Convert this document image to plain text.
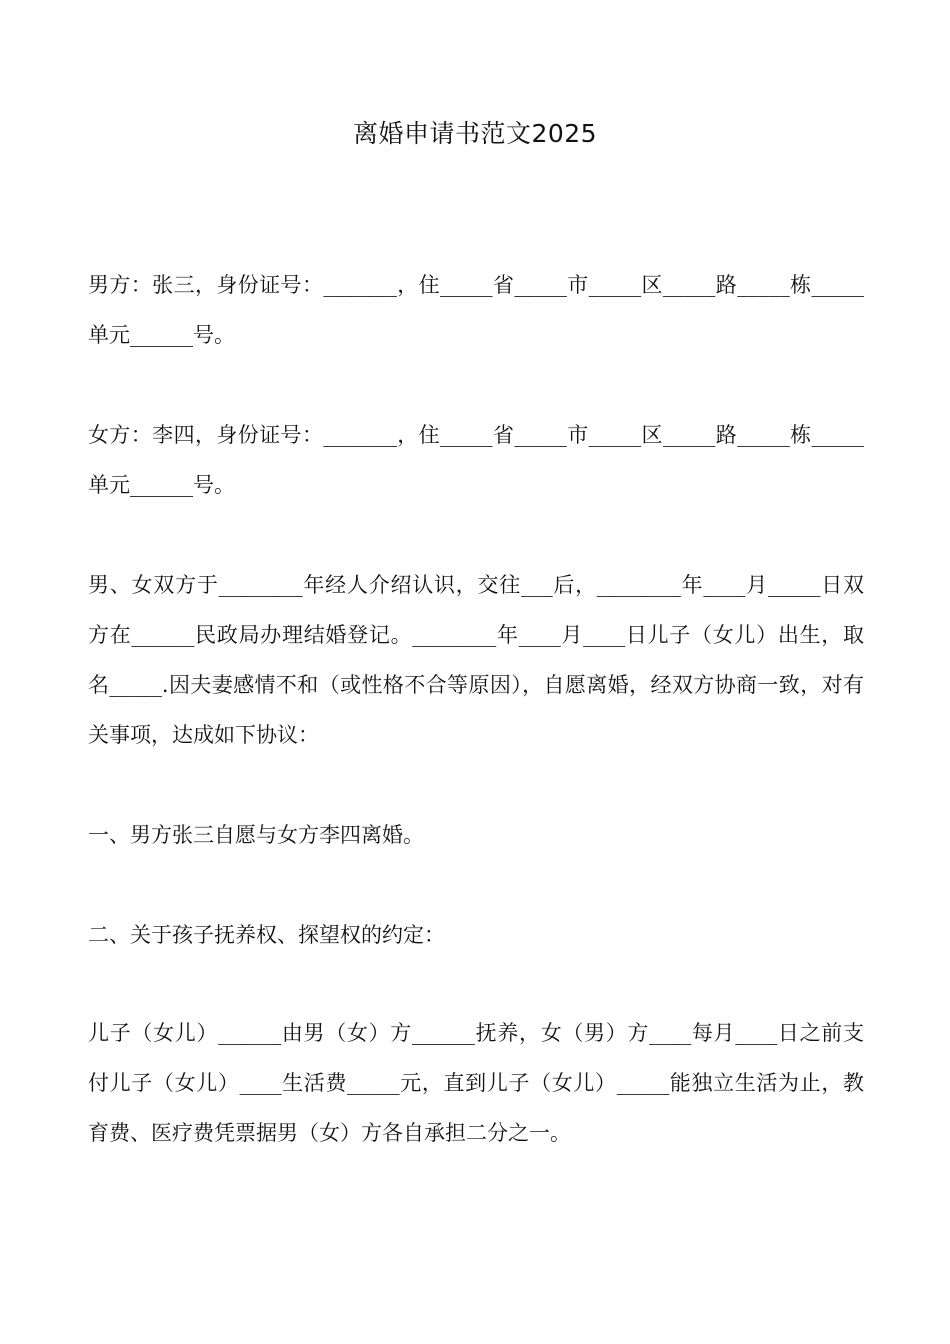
离婚申请书范文2025
男方：张三，身份证号：_______，住_____省_____市_____区_____路_____栋_____单元______号。
女方：李四，身份证号：_______，住_____省_____市_____区_____路_____栋_____单元______号。
男、女双方于________年经人介绍认识，交往___后，________年____月_____日双方在______民政局办理结婚登记。________年____月____日儿子（女儿）出生，取名_____.因夫妻感情不和（或性格不合等原因），自愿离婚，经双方协商一致，对有关事项，达成如下协议：
一、男方张三自愿与女方李四离婚。
二、关于孩子抚养权、探望权的约定：
儿子（女儿）______由男（女）方______抚养，女（男）方____每月____日之前支付儿子（女儿）____生活费_____元，直到儿子（女儿）_____能独立生活为止，教育费、医疗费凭票据男（女）方各自承担二分之一。
